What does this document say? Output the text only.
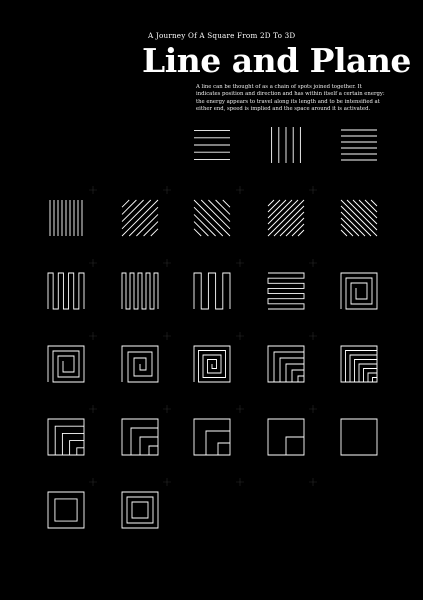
A Journey Of A Square From 2D To 3D
Line and Plane
A line can be thought of as a chain of spots joined together. It indicates position and direction and has within itself a certain energy: the energy appears to travel along its length and to be intensified at either end, speed is implied and the space around it is activated.
